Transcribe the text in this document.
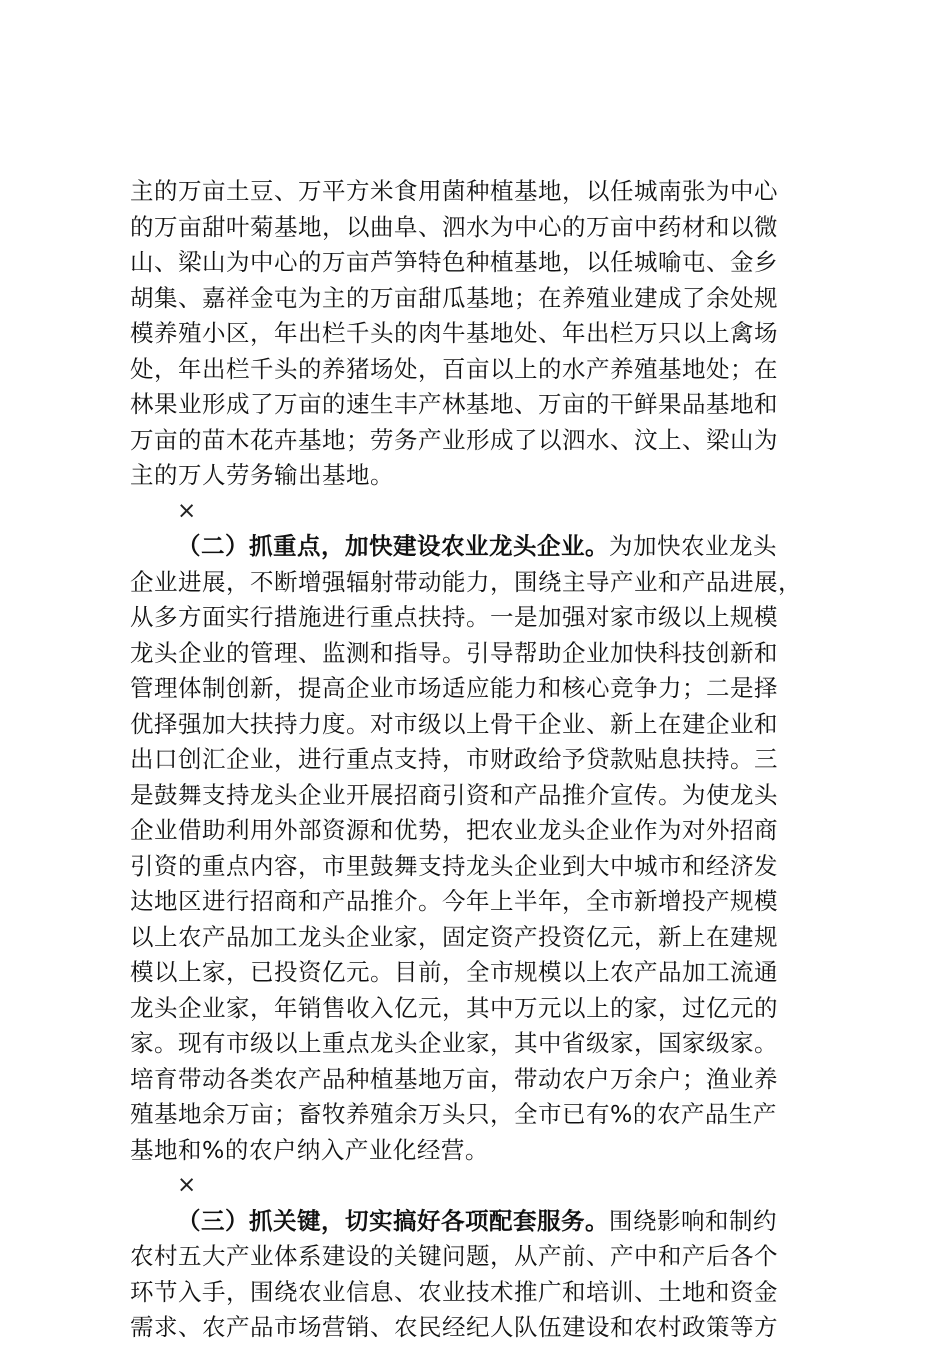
主的万亩土豆、万平方米食用菌种植基地，以任城南张为中心
的万亩甜叶菊基地，以曲阜、泗水为中心的万亩中药材和以微
山、梁山为中心的万亩芦笋特色种植基地，以任城喻屯、金乡
胡集、嘉祥金屯为主的万亩甜瓜基地；在养殖业建成了余处规
模养殖小区，年出栏千头的肉牛基地处、年出栏万只以上禽场
处，年出栏千头的养猪场处，百亩以上的水产养殖基地处；在
林果业形成了万亩的速生丰产林基地、万亩的干鲜果品基地和
万亩的苗木花卉基地；劳务产业形成了以泗水、汶上、梁山为
主的万人劳务输出基地。
×
（二）抓重点，加快建设农业龙头企业。为加快农业龙头
企业进展，不断增强辐射带动能力，围绕主导产业和产品进展，
从多方面实行措施进行重点扶持。一是加强对家市级以上规模
龙头企业的管理、监测和指导。引导帮助企业加快科技创新和
管理体制创新，提高企业市场适应能力和核心竞争力；二是择
优择强加大扶持力度。对市级以上骨干企业、新上在建企业和
出口创汇企业，进行重点支持，市财政给予贷款贴息扶持。三
是鼓舞支持龙头企业开展招商引资和产品推介宣传。为使龙头
企业借助利用外部资源和优势，把农业龙头企业作为对外招商
引资的重点内容，市里鼓舞支持龙头企业到大中城市和经济发
达地区进行招商和产品推介。今年上半年，全市新增投产规模
以上农产品加工龙头企业家，固定资产投资亿元，新上在建规
模以上家，已投资亿元。目前，全市规模以上农产品加工流通
龙头企业家，年销售收入亿元，其中万元以上的家，过亿元的
家。现有市级以上重点龙头企业家，其中省级家，国家级家。
培育带动各类农产品种植基地万亩，带动农户万余户；渔业养
殖基地余万亩；畜牧养殖余万头只，全市已有%的农产品生产
基地和%的农户纳入产业化经营。
×
（三）抓关键，切实搞好各项配套服务。围绕影响和制约
农村五大产业体系建设的关键问题，从产前、产中和产后各个
环节入手，围绕农业信息、农业技术推广和培训、土地和资金
需求、农产品市场营销、农民经纪人队伍建设和农村政策等方
